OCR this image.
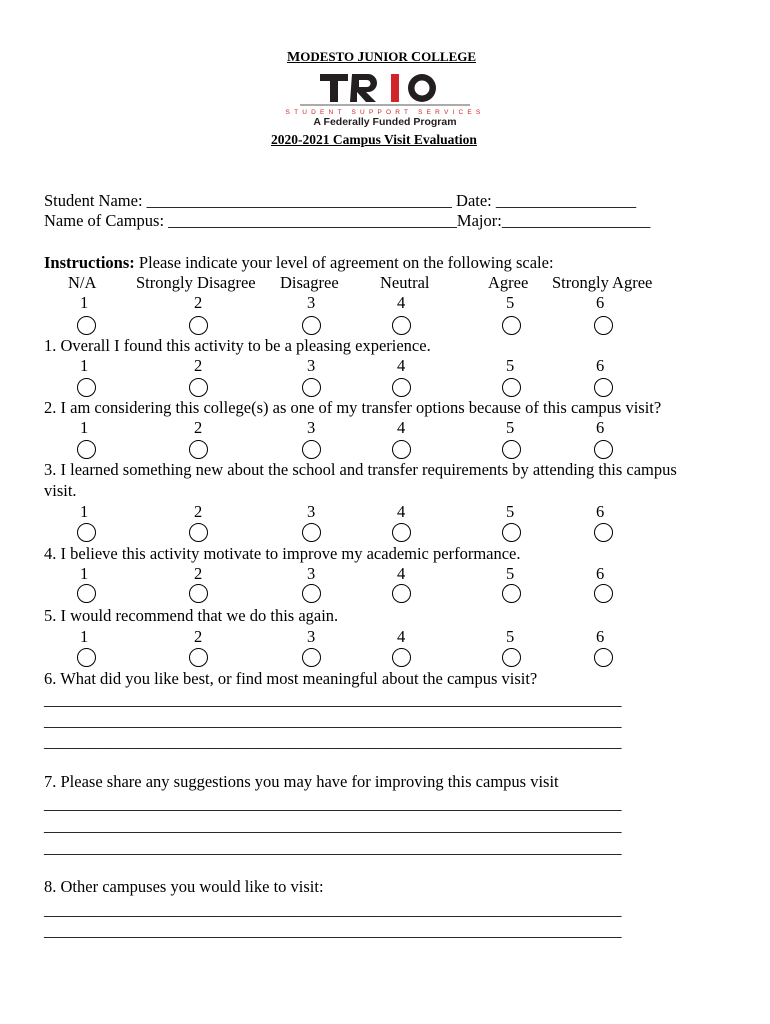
MODESTO JUNIOR COLLEGE
STUDENT SUPPORT SERVICES
A Federally Funded Program
2020-2021 Campus Visit Evaluation
Student Name: _____________________________________ Date: _________________
Name of Campus: ___________________________________Major:__________________
Instructions: Please indicate your level of agreement on the following scale:
N/A Strongly Disagree Disagree	Neutral	Agree Strongly Agree
1	2	3	4	5	6
1. Overall I found this activity to be a pleasing experience.
1	2	3	4	5	6
2. I am considering this college(s) as one of my transfer options because of this campus visit?
1	2	3	4	5	6
3. I learned something new about the school and transfer requirements by attending this campus
visit.
1	2	3	4	5	6
4. I believe this activity motivate to improve my academic performance.
1	2	3	4	5	6
5. I would recommend that we do this again.
1	2	3	4	5	6
6. What did you like best, or find most meaningful about the campus visit?
______________________________________________________________________
______________________________________________________________________
______________________________________________________________________
7. Please share any suggestions you may have for improving this campus visit
______________________________________________________________________
______________________________________________________________________
______________________________________________________________________
8. Other campuses you would like to visit:
______________________________________________________________________
______________________________________________________________________
